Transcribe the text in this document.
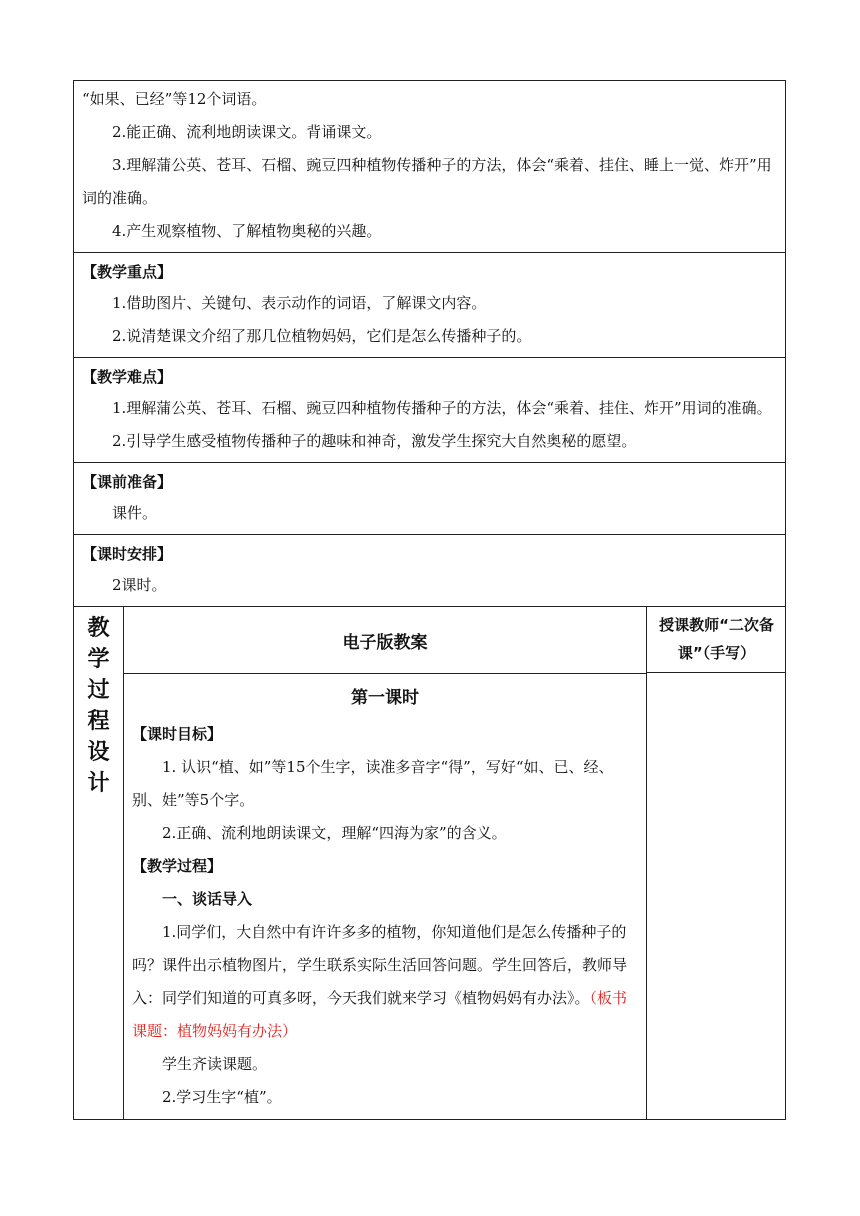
“如果、已经”等12个词语。

2.能正确、流利地朗读课文。背诵课文。

3.理解蒲公英、苍耳、石榴、豌豆四种植物传播种子的方法，体会“乘着、挂住、睡上一觉、炸开”用词的准确。

4.产生观察植物、了解植物奥秘的兴趣。

【教学重点】

1.借助图片、关键句、表示动作的词语，了解课文内容。

2.说清楚课文介绍了那几位植物妈妈，它们是怎么传播种子的。

【教学难点】

1.理解蒲公英、苍耳、石榴、豌豆四种植物传播种子的方法，体会“乘着、挂住、炸开”用词的准确。

2.引导学生感受植物传播种子的趣味和神奇，激发学生探究大自然奥秘的愿望。

【课前准备】

课件。

【课时安排】

2课时。

教
学
过
程
设
计
电子版教案
第一课时

【课时目标】

1. 认识“植、如”等15个生字，读准多音字“得”，写好“如、已、经、别、娃”等5个字。

2.正确、流利地朗读课文，理解“四海为家”的含义。

【教学过程】

一、谈话导入

1.同学们，大自然中有许许多多的植物，你知道他们是怎么传播种子的吗？课件出示植物图片，学生联系实际生活回答问题。学生回答后，教师导入：同学们知道的可真多呀，今天我们就来学习《植物妈妈有办法》。（板书课题：植物妈妈有办法）

学生齐读课题。

2.学习生字“植”。

授课教师“二次备课”（手写）
